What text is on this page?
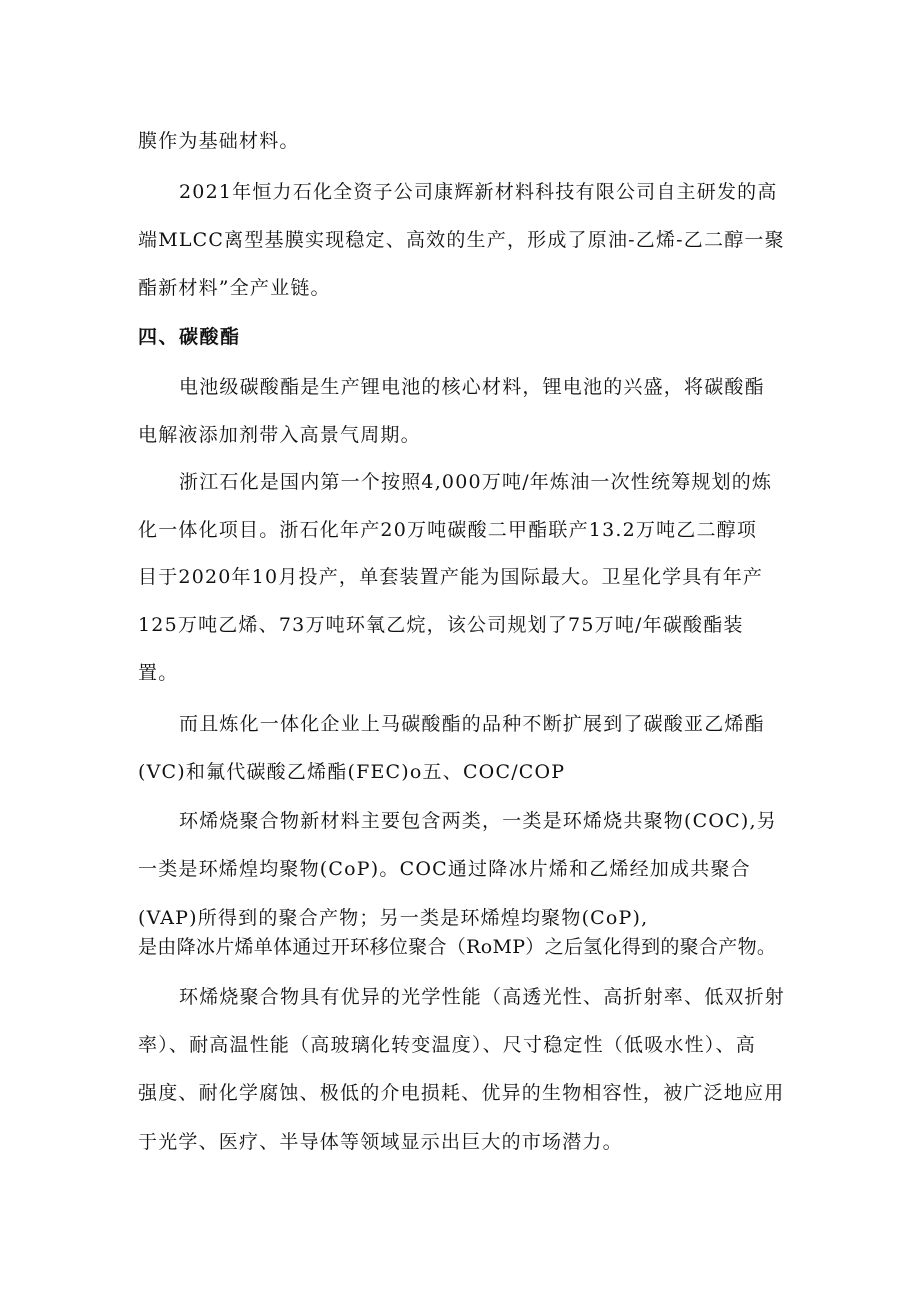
膜作为基础材料。
2021年恒力石化全资子公司康辉新材料科技有限公司自主研发的高
端MLCC离型基膜实现稳定、高效的生产，形成了原油-乙烯-乙二醇一聚
酯新材料”全产业链。
四、碳酸酯
电池级碳酸酯是生产锂电池的核心材料，锂电池的兴盛，将碳酸酯
电解液添加剂带入高景气周期。
浙江石化是国内第一个按照4,000万吨/年炼油一次性统筹规划的炼
化一体化项目。浙石化年产20万吨碳酸二甲酯联产13.2万吨乙二醇项
目于2020年10月投产，单套装置产能为国际最大。卫星化学具有年产
125万吨乙烯、73万吨环氧乙烷，该公司规划了75万吨/年碳酸酯装
置。
而且炼化一体化企业上马碳酸酯的品种不断扩展到了碳酸亚乙烯酯
(VC)和氟代碳酸乙烯酯(FEC)o五、COC/COP
环烯烧聚合物新材料主要包含两类，一类是环烯烧共聚物(COC),另
一类是环烯煌均聚物(CoP)。COC通过降冰片烯和乙烯经加成共聚合
(VAP)所得到的聚合产物；另一类是环烯煌均聚物(CoP),
是由降冰片烯单体通过开环移位聚合（RoMP）之后氢化得到的聚合产物。
环烯烧聚合物具有优异的光学性能（高透光性、高折射率、低双折射
率）、耐高温性能（高玻璃化转变温度）、尺寸稳定性（低吸水性）、高
强度、耐化学腐蚀、极低的介电损耗、优异的生物相容性，被广泛地应用
于光学、医疗、半导体等领域显示出巨大的市场潜力。
